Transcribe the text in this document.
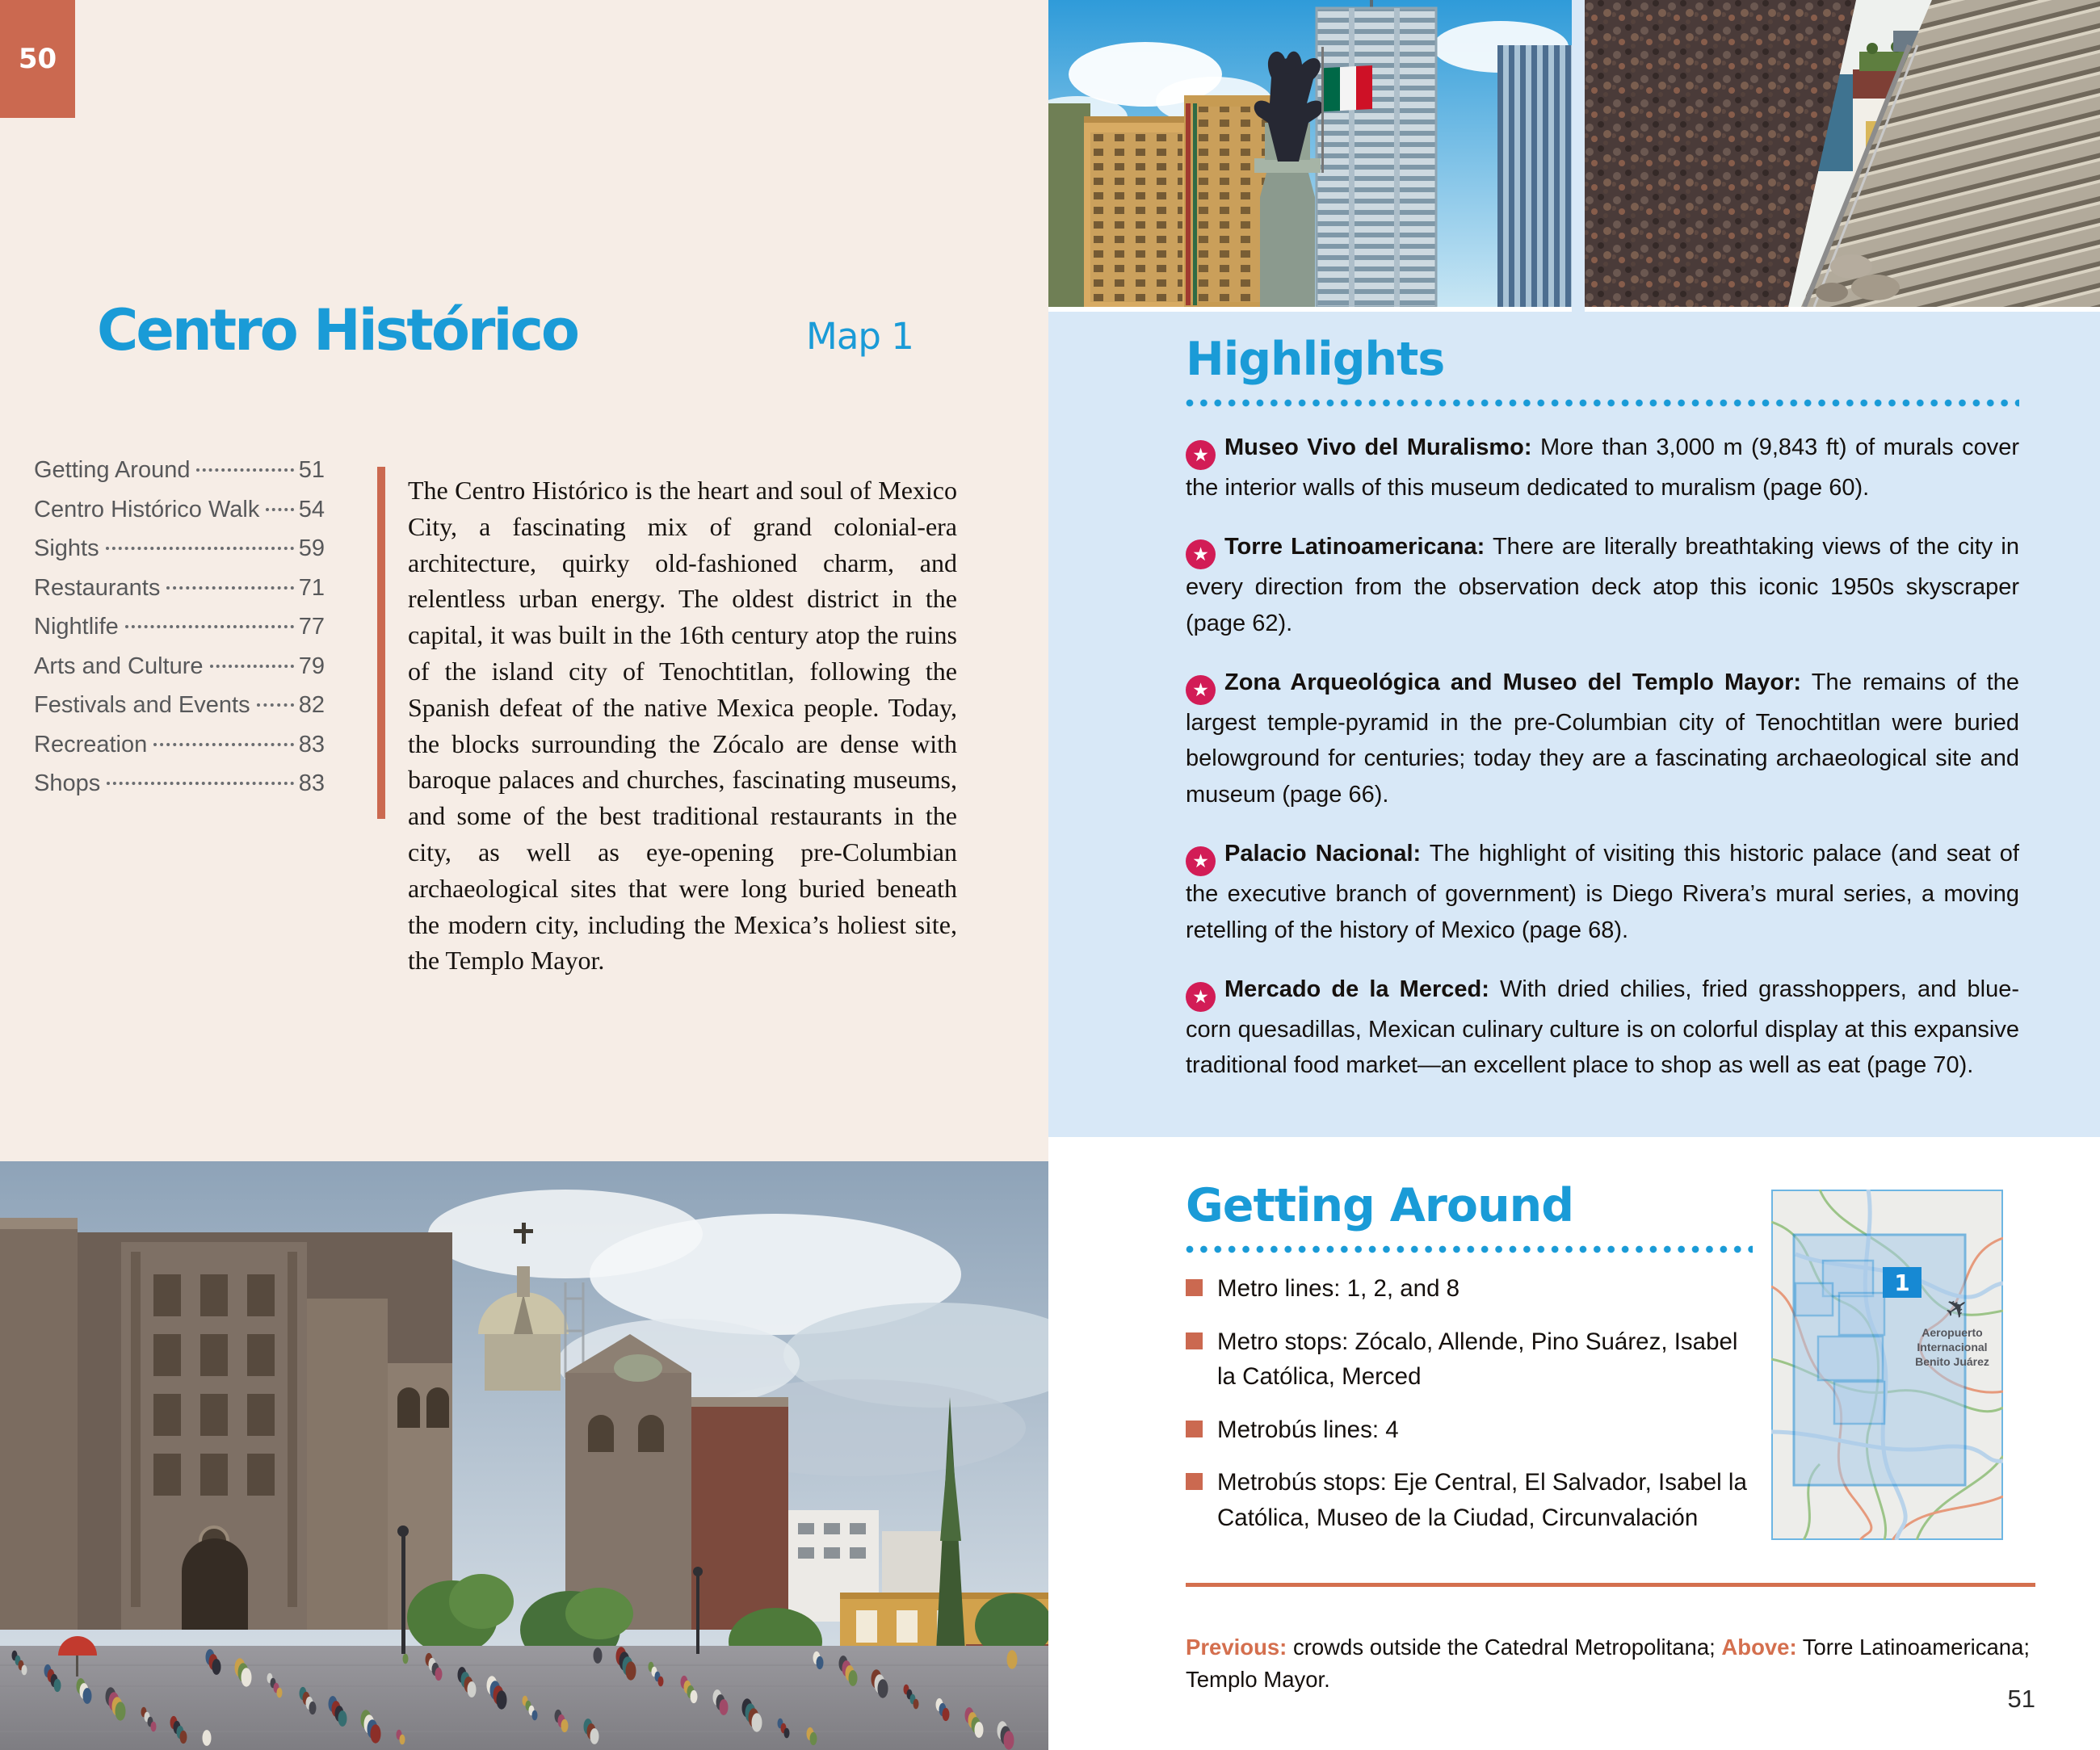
50
Centro Histórico	Map 1
Getting Around	51
Centro Histórico Walk 54
Sights	59
Restaurants	71
Nightlife	77
Arts and Culture	79
Festivals and Events 82
Recreation	83
Shops	83

The Centro Histórico is the heart and soul of Mexico City, a fascinating mix of grand colonial-era architecture, quirky old-fashioned charm, and relentless urban energy. The oldest district in the capital, it was built in the 16th century atop the ruins of the island city of Tenochtitlan, following the Spanish defeat of the native Mexica people. Today, the blocks surrounding the Zócalo are dense with baroque palaces and churches, fascinating museums, and some of the best traditional restaurants in the city, as well as eye-opening pre-Columbian archaeological sites that were long buried beneath the modern city, including the Mexica’s holiest site, the Templo Mayor.

Highlights

★ Museo Vivo del Muralismo: More than 3,000 m (9,843 ft) of murals cover the interior walls of this museum dedicated to muralism (page 60).

★ Torre Latinoamericana: There are literally breathtaking views of the city in every direction from the observation deck atop this iconic 1950s skyscraper (page 62).

★ Zona Arqueológica and Museo del Templo Mayor: The remains of the largest temple-pyramid in the pre-Columbian city of Tenochtitlan were buried belowground for centuries; today they are a fascinating archaeological site and museum (page 66).

★ Palacio Nacional: The highlight of visiting this historic palace (and seat of the executive branch of government) is Diego Rivera’s mural series, a moving retelling of the history of Mexico (page 68).

★ Mercado de la Merced: With dried chilies, fried grasshoppers, and blue-corn quesadillas, Mexican culinary culture is on colorful display at this expansive traditional food market—an excellent place to shop as well as eat (page 70).

Getting Around
Metro lines: 1, 2, and 8
Metro stops: Zócalo, Allende, Pino Suárez, Isabel la Católica, Merced
Metrobús lines: 4
Metrobús stops: Eje Central, El Salvador, Isabel la Católica, Museo de la Ciudad, Circunvalación
1
✈
Aeropuerto
Internacional
Benito Juárez

Previous: crowds outside the Catedral Metropolitana; Above: Torre Latinoamericana; Templo Mayor.

51
